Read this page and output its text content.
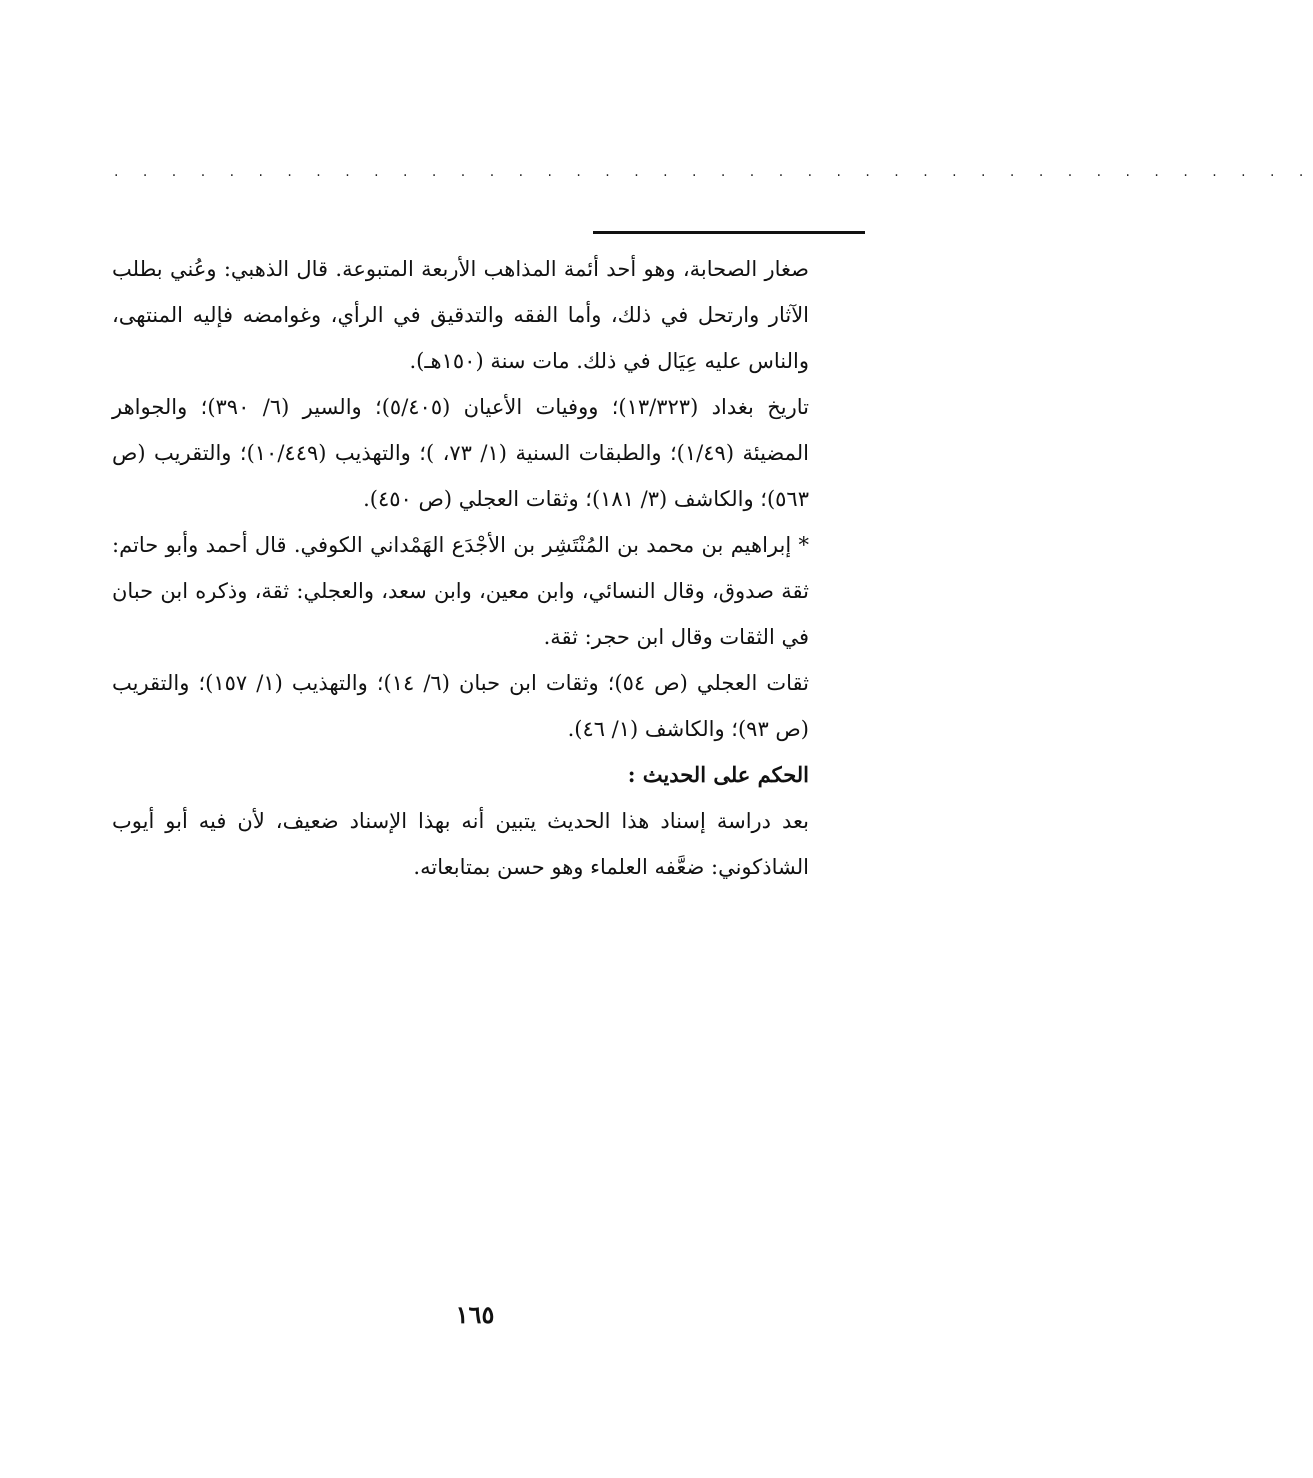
· · · · · · · · · · · · · · · · · · · · · · · · · · · · · · · · · · · · · · · · · ·

صغار الصحابة، وهو أحد أئمة المذاهب الأربعة المتبوعة. قال الذهبي: وعُني بطلب الآثار وارتحل في ذلك، وأما الفقه والتدقيق في الرأي، وغوامضه فإليه المنتهى، والناس عليه عِيَال في ذلك. مات سنة (١٥٠هـ).

تاريخ بغداد (١٣/٣٢٣)؛ ووفيات الأعيان (٥/٤٠٥)؛ والسير (٦/ ٣٩٠)؛ والجواهر المضيئة (١/٤٩)؛ والطبقات السنية (١/ ٧٣، )؛ والتهذيب (١٠/٤٤٩)؛ والتقريب (ص ٥٦٣)؛ والكاشف (٣/ ١٨١)؛ وثقات العجلي (ص ٤٥٠).

* إبراهيم بن محمد بن المُنْتَشِر بن الأجْدَع الهَمْداني الكوفي. قال أحمد وأبو حاتم: ثقة صدوق، وقال النسائي، وابن معين، وابن سعد، والعجلي: ثقة، وذكره ابن حبان في الثقات وقال ابن حجر: ثقة.

ثقات العجلي (ص ٥٤)؛ وثقات ابن حبان (٦/ ١٤)؛ والتهذيب (١/ ١٥٧)؛ والتقريب (ص ٩٣)؛ والكاشف (١/ ٤٦).

الحكم على الحديث :

بعد دراسة إسناد هذا الحديث يتبين أنه بهذا الإسناد ضعيف، لأن فيه أبو أيوب الشاذكوني: ضعَّفه العلماء وهو حسن بمتابعاته.

١٦٥
